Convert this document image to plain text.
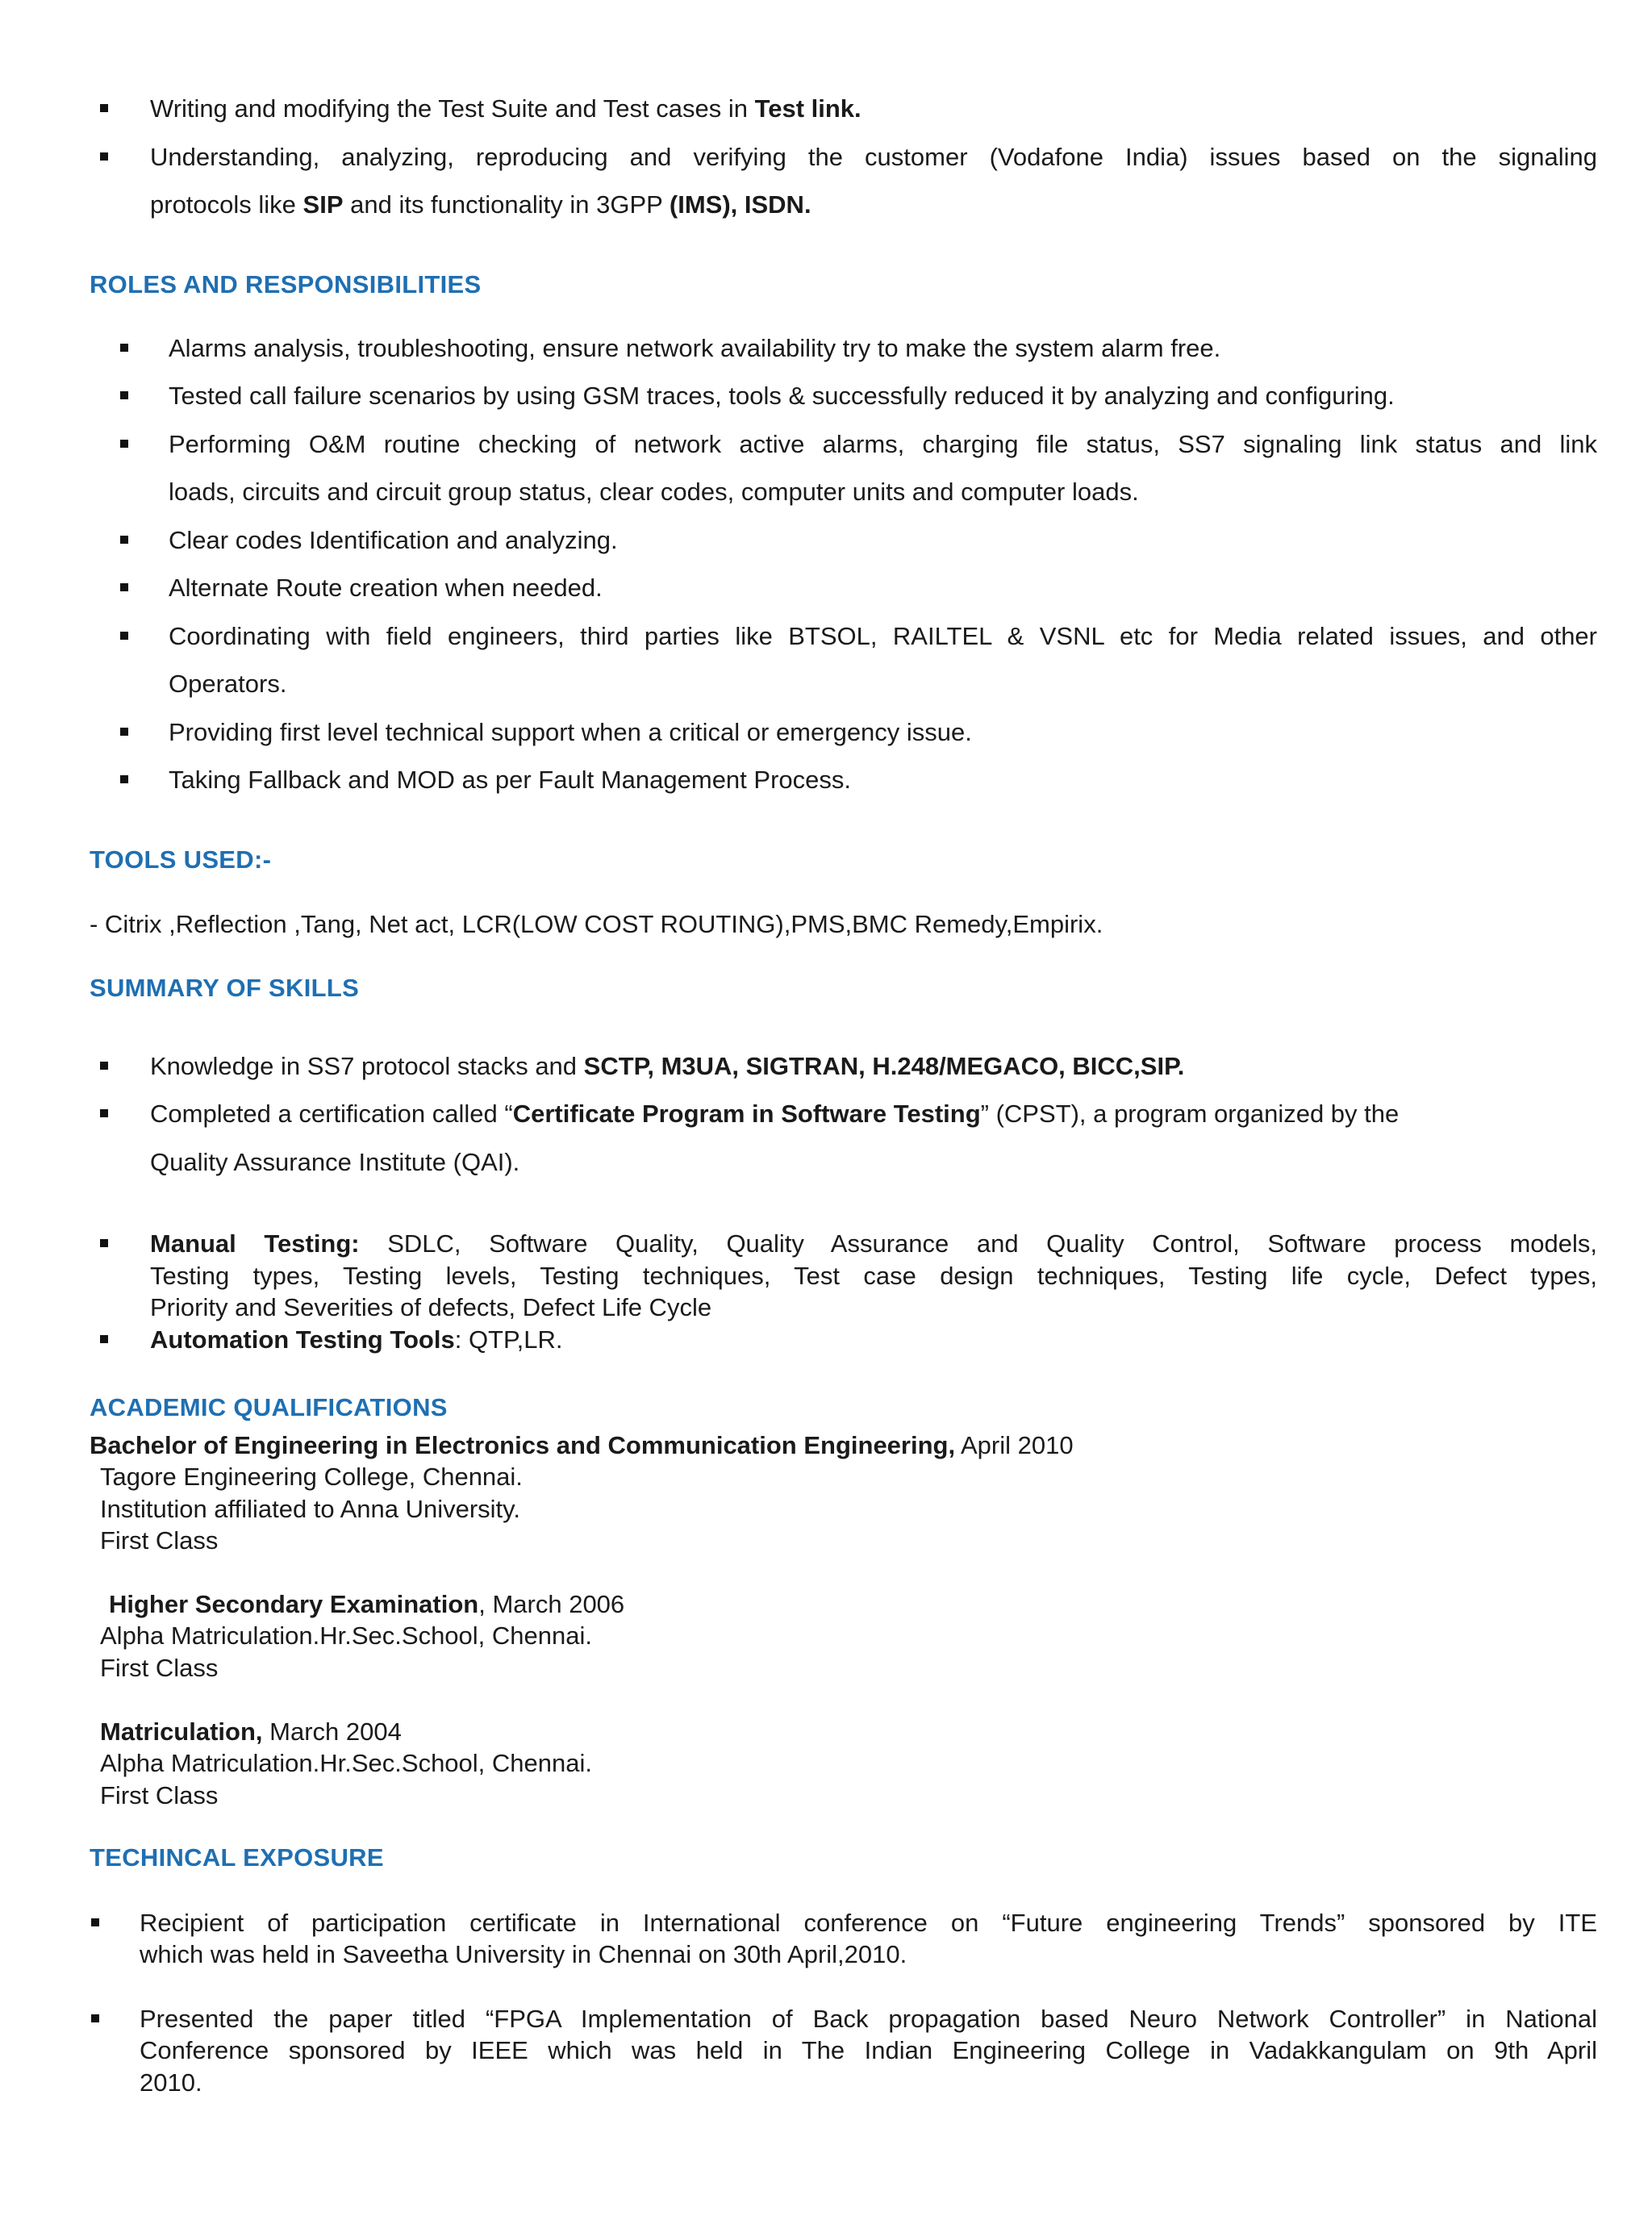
Writing and modifying the Test Suite and Test cases in Test link.
Understanding, analyzing, reproducing and verifying the customer (Vodafone India) issues based on the signaling
protocols like SIP and its functionality in 3GPP (IMS), ISDN.
ROLES AND RESPONSIBILITIES
Alarms analysis, troubleshooting, ensure network availability try to make the system alarm free.
Tested call failure scenarios by using GSM traces, tools & successfully reduced it by analyzing and configuring.
Performing O&M routine checking of network active alarms, charging file status, SS7 signaling link status and link
loads, circuits and circuit group status, clear codes, computer units and computer loads.
Clear codes Identification and analyzing.
Alternate Route creation when needed.
Coordinating with field engineers, third parties like BTSOL, RAILTEL & VSNL etc for Media related issues, and other
Operators.
Providing first level technical support when a critical or emergency issue.
Taking Fallback and MOD as per Fault Management Process.
TOOLS USED:-
- Citrix ,Reflection ,Tang, Net act, LCR(LOW COST ROUTING),PMS,BMC Remedy,Empirix.
SUMMARY OF SKILLS
Knowledge in SS7 protocol stacks and SCTP, M3UA, SIGTRAN, H.248/MEGACO, BICC,SIP.
Completed a certification called “Certificate Program in Software Testing” (CPST), a program organized by the
Quality Assurance Institute (QAI).
Manual Testing: SDLC, Software Quality, Quality Assurance and Quality Control, Software process models,
Testing types, Testing levels, Testing techniques, Test case design techniques, Testing life cycle, Defect types,
Priority and Severities of defects, Defect Life Cycle
Automation Testing Tools: QTP,LR.
ACADEMIC QUALIFICATIONS
Bachelor of Engineering in Electronics and Communication Engineering, April 2010
Tagore Engineering College, Chennai.
Institution affiliated to Anna University.
First Class
Higher Secondary Examination, March 2006
Alpha Matriculation.Hr.Sec.School, Chennai.
First Class
Matriculation, March 2004
Alpha Matriculation.Hr.Sec.School, Chennai.
First Class
TECHINCAL EXPOSURE
Recipient of participation certificate in International conference on “Future engineering Trends” sponsored by ITE
which was held in Saveetha University in Chennai on 30th April,2010.
Presented the paper titled “FPGA Implementation of Back propagation based Neuro Network Controller” in National
Conference sponsored by IEEE which was held in The Indian Engineering College in Vadakkangulam on 9th April
2010.
